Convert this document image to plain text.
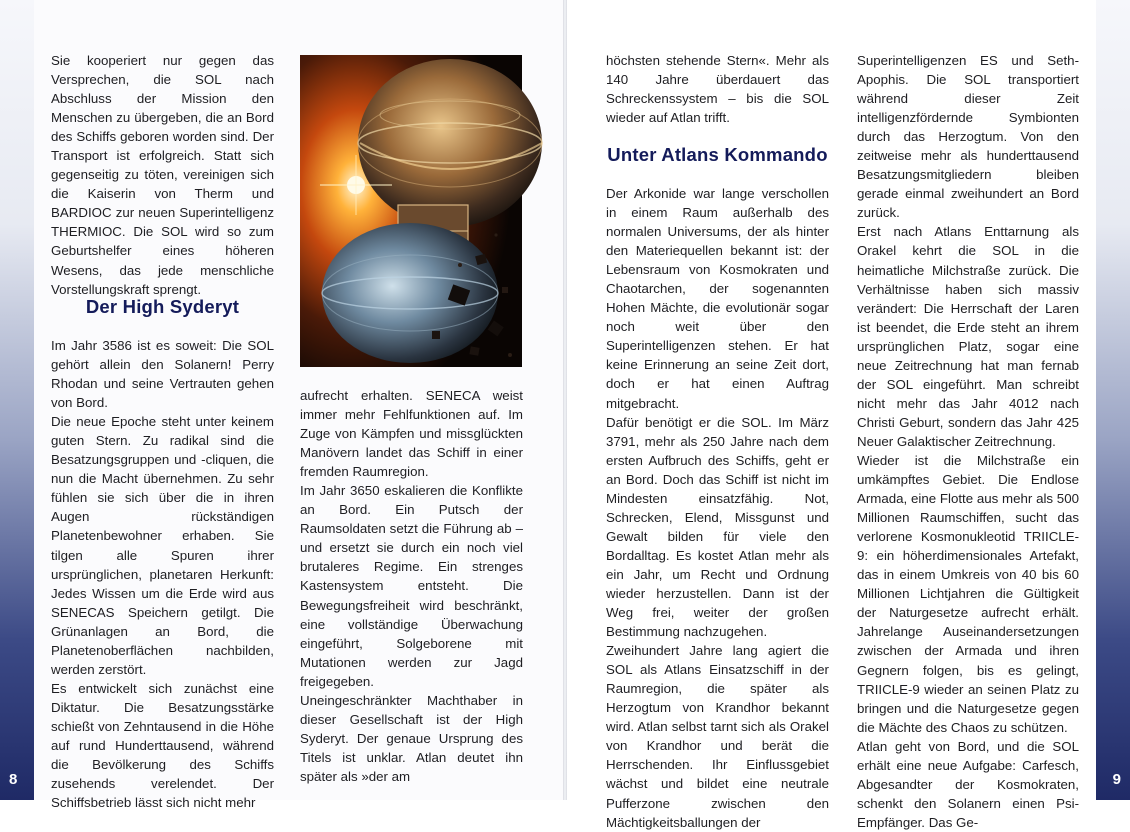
8

Sie kooperiert nur gegen das Versprechen, die SOL nach Abschluss der Mission den Menschen zu übergeben, die an Bord des Schiffs geboren worden sind. Der Transport ist erfolgreich. Statt sich gegenseitig zu töten, vereinigen sich die Kaiserin von Therm und BARDIOC zur neuen Superintelligenz THERMIOC. Die SOL wird so zum Geburtshelfer eines höheren Wesens, das jede menschliche Vorstellungskraft sprengt.

Der High Syderyt

Im Jahr 3586 ist es soweit: Die SOL gehört allein den Solanern! Perry Rhodan und seine Vertrauten gehen von Bord.

Die neue Epoche steht unter keinem guten Stern. Zu radikal sind die Besatzungsgruppen und -cliquen, die nun die Macht übernehmen. Zu sehr fühlen sie sich über die in ihren Augen rückständigen Planetenbewohner erhaben. Sie tilgen alle Spuren ihrer ursprünglichen, planetaren Herkunft: Jedes Wissen um die Erde wird aus SENECAS Speichern getilgt. Die Grünanlagen an Bord, die Planetenoberflächen nachbilden, werden zerstört.

Es entwickelt sich zunächst eine Diktatur. Die Besatzungsstärke schießt von Zehntausend in die Höhe auf rund Hunderttausend, während die Bevölkerung des Schiffs zusehends verelendet. Der Schiffsbetrieb lässt sich nicht mehr

aufrecht erhalten. SENECA weist immer mehr Fehlfunktionen auf. Im Zuge von Kämpfen und missglückten Manövern landet das Schiff in einer fremden Raumregion.

Im Jahr 3650 eskalieren die Konflikte an Bord. Ein Putsch der Raumsoldaten setzt die Führung ab – und ersetzt sie durch ein noch viel brutaleres Regime. Ein strenges Kastensystem entsteht. Die Bewegungsfreiheit wird beschränkt, eine vollständige Überwachung eingeführt, Solgeborene mit Mutationen werden zur Jagd freigegeben.

Uneingeschränkter Machthaber in dieser Gesellschaft ist der High Syderyt. Der genaue Ursprung des Titels ist unklar. Atlan deutet ihn später als »der am

höchsten stehende Stern«. Mehr als 140 Jahre überdauert das Schreckenssystem – bis die SOL wieder auf Atlan trifft.

Unter Atlans Kommando

Der Arkonide war lange verschollen in einem Raum außerhalb des normalen Universums, der als hinter den Materiequellen bekannt ist: der Lebensraum von Kosmokraten und Chaotarchen, der sogenannten Hohen Mächte, die evolutionär sogar noch weit über den Superintelligenzen stehen. Er hat keine Erinnerung an seine Zeit dort, doch er hat einen Auftrag mitgebracht.

Dafür benötigt er die SOL. Im März 3791, mehr als 250 Jahre nach dem ersten Aufbruch des Schiffs, geht er an Bord. Doch das Schiff ist nicht im Mindesten einsatzfähig. Not, Schrecken, Elend, Missgunst und Gewalt bilden für viele den Bordalltag. Es kostet Atlan mehr als ein Jahr, um Recht und Ordnung wieder herzustellen. Dann ist der Weg frei, weiter der großen Bestimmung nachzugehen.

Zweihundert Jahre lang agiert die SOL als Atlans Einsatzschiff in der Raumregion, die später als Herzogtum von Krandhor bekannt wird. Atlan selbst tarnt sich als Orakel von Krandhor und berät die Herrschenden. Ihr Einflussgebiet wächst und bildet eine neutrale Pufferzone zwischen den Mächtigkeitsballungen der

Superintelligenzen ES und Seth-Apophis. Die SOL transportiert während dieser Zeit intelligenzfördernde Symbionten durch das Herzogtum. Von den zeitweise mehr als hunderttausend Besatzungsmitgliedern bleiben gerade einmal zweihundert an Bord zurück.

Erst nach Atlans Enttarnung als Orakel kehrt die SOL in die heimatliche Milchstraße zurück. Die Verhältnisse haben sich massiv verändert: Die Herrschaft der Laren ist beendet, die Erde steht an ihrem ursprünglichen Platz, sogar eine neue Zeitrechnung hat man fernab der SOL eingeführt. Man schreibt nicht mehr das Jahr 4012 nach Christi Geburt, sondern das Jahr 425 Neuer Galaktischer Zeitrechnung.

Wieder ist die Milchstraße ein umkämpftes Gebiet. Die Endlose Armada, eine Flotte aus mehr als 500 Millionen Raumschiffen, sucht das verlorene Kosmonukleotid TRIICLE-9: ein höherdimensionales Artefakt, das in einem Umkreis von 40 bis 60 Millionen Lichtjahren die Gültigkeit der Naturgesetze aufrecht erhält. Jahrelange Auseinandersetzungen zwischen der Armada und ihren Gegnern folgen, bis es gelingt, TRIICLE-9 wieder an seinen Platz zu bringen und die Naturgesetze gegen die Mächte des Chaos zu schützen.

Atlan geht von Bord, und die SOL erhält eine neue Aufgabe: Carfesch, Abgesandter der Kosmokraten, schenkt den Solanern einen Psi-Empfänger. Das Ge-

9
